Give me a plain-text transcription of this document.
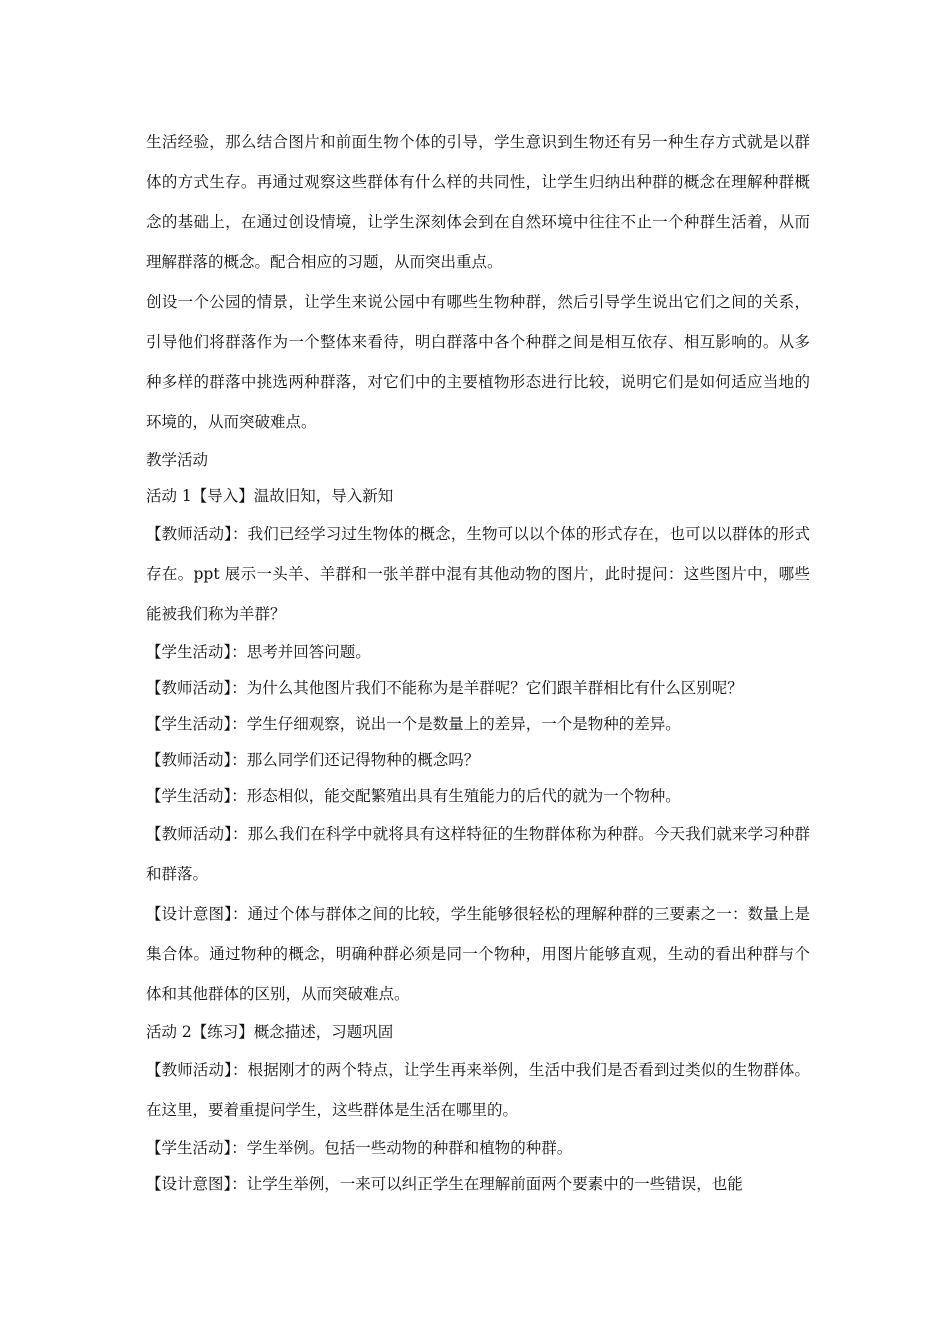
生活经验，那么结合图片和前面生物个体的引导，学生意识到生物还有另一种生存方式就是以群体的方式生存。再通过观察这些群体有什么样的共同性，让学生归纳出种群的概念在理解种群概念的基础上，在通过创设情境，让学生深刻体会到在自然环境中往往不止一个种群生活着，从而理解群落的概念。配合相应的习题，从而突出重点。

创设一个公园的情景，让学生来说公园中有哪些生物种群，然后引导学生说出它们之间的关系，引导他们将群落作为一个整体来看待，明白群落中各个种群之间是相互依存、相互影响的。从多种多样的群落中挑选两种群落，对它们中的主要植物形态进行比较，说明它们是如何适应当地的环境的，从而突破难点。

教学活动

活动 1【导入】温故旧知，导入新知

【教师活动】：我们已经学习过生物体的概念，生物可以以个体的形式存在，也可以以群体的形式存在。ppt 展示一头羊、羊群和一张羊群中混有其他动物的图片，此时提问：这些图片中，哪些能被我们称为羊群？

【学生活动】：思考并回答问题。

【教师活动】：为什么其他图片我们不能称为是羊群呢？它们跟羊群相比有什么区别呢？

【学生活动】：学生仔细观察，说出一个是数量上的差异，一个是物种的差异。

【教师活动】：那么同学们还记得物种的概念吗？

【学生活动】：形态相似，能交配繁殖出具有生殖能力的后代的就为一个物种。

【教师活动】：那么我们在科学中就将具有这样特征的生物群体称为种群。今天我们就来学习种群和群落。

【设计意图】：通过个体与群体之间的比较，学生能够很轻松的理解种群的三要素之一：数量上是集合体。通过物种的概念，明确种群必须是同一个物种，用图片能够直观，生动的看出种群与个体和其他群体的区别，从而突破难点。

活动 2【练习】概念描述，习题巩固

【教师活动】：根据刚才的两个特点，让学生再来举例，生活中我们是否看到过类似的生物群体。在这里，要着重提问学生，这些群体是生活在哪里的。

【学生活动】：学生举例。包括一些动物的种群和植物的种群。

【设计意图】：让学生举例，一来可以纠正学生在理解前面两个要素中的一些错误，也能
